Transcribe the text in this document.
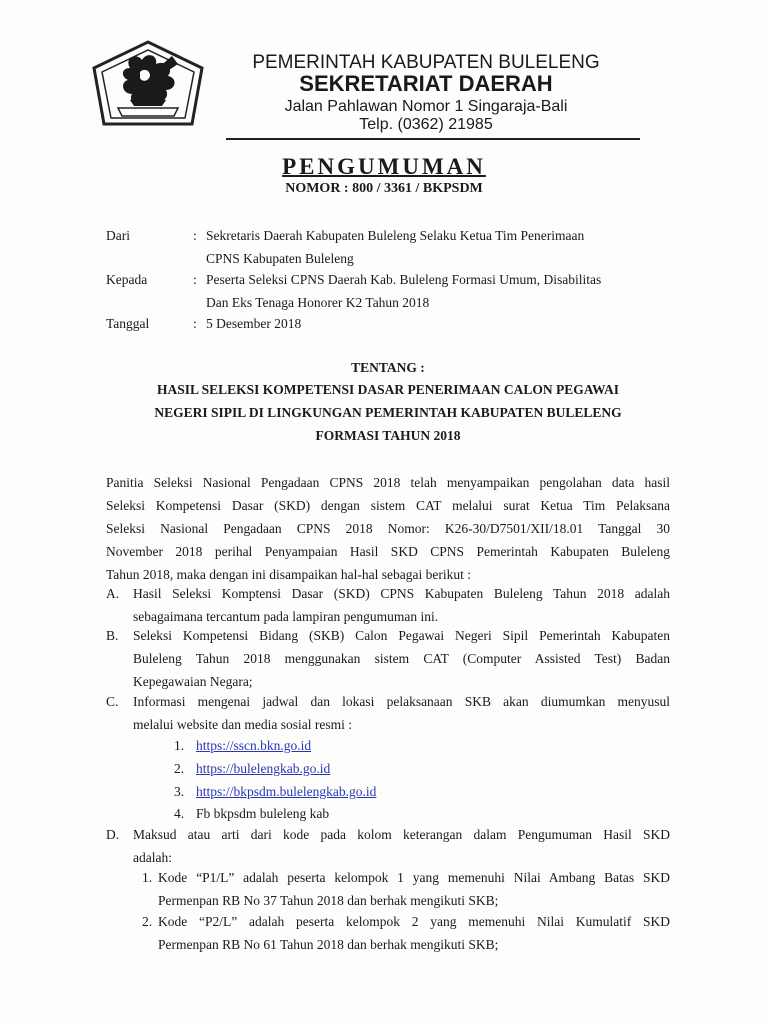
PEMERINTAH KABUPATEN BULELENG
SEKRETARIAT DAERAH
Jalan Pahlawan Nomor 1 Singaraja-Bali
Telp. (0362) 21985
PENGUMUMAN
NOMOR : 800 / 3361 / BKPSDM
Dari	: Sekretaris Daerah Kabupaten Buleleng Selaku Ketua Tim Penerimaan
CPNS Kabupaten Buleleng
Kepada	: Peserta Seleksi CPNS Daerah Kab. Buleleng Formasi Umum, Disabilitas
Dan Eks Tenaga Honorer K2 Tahun 2018
Tanggal	: 5 Desember 2018
TENTANG :
HASIL SELEKSI KOMPETENSI DASAR PENERIMAAN CALON PEGAWAI
NEGERI SIPIL DI LINGKUNGAN PEMERINTAH KABUPATEN BULELENG
FORMASI TAHUN 2018
Panitia Seleksi Nasional Pengadaan CPNS 2018 telah menyampaikan pengolahan data hasil
Seleksi Kompetensi Dasar (SKD) dengan sistem CAT melalui surat Ketua Tim Pelaksana
Seleksi Nasional Pengadaan CPNS 2018 Nomor: K26-30/D7501/XII/18.01 Tanggal 30
November 2018 perihal Penyampaian Hasil SKD CPNS Pemerintah Kabupaten Buleleng
Tahun 2018, maka dengan ini disampaikan hal-hal sebagai berikut :
A. Hasil Seleksi Komptensi Dasar (SKD) CPNS Kabupaten Buleleng Tahun 2018 adalah
sebagaimana tercantum pada lampiran pengumuman ini.
B. Seleksi Kompetensi Bidang (SKB) Calon Pegawai Negeri Sipil Pemerintah Kabupaten
Buleleng Tahun 2018 menggunakan sistem CAT (Computer Assisted Test) Badan
Kepegawaian Negara;
C. Informasi mengenai jadwal dan lokasi pelaksanaan SKB akan diumumkan menyusul
melalui website dan media sosial resmi :
1. https://sscn.bkn.go.id
2. https://bulelengkab.go.id
3. https://bkpsdm.bulelengkab.go.id
4. Fb bkpsdm buleleng kab
D. Maksud atau arti dari kode pada kolom keterangan dalam Pengumuman Hasil SKD
adalah:
1. Kode “P1/L” adalah peserta kelompok 1 yang memenuhi Nilai Ambang Batas SKD
Permenpan RB No 37 Tahun 2018 dan berhak mengikuti SKB;
2. Kode “P2/L” adalah peserta kelompok 2 yang memenuhi Nilai Kumulatif SKD
Permenpan RB No 61 Tahun 2018 dan berhak mengikuti SKB;
